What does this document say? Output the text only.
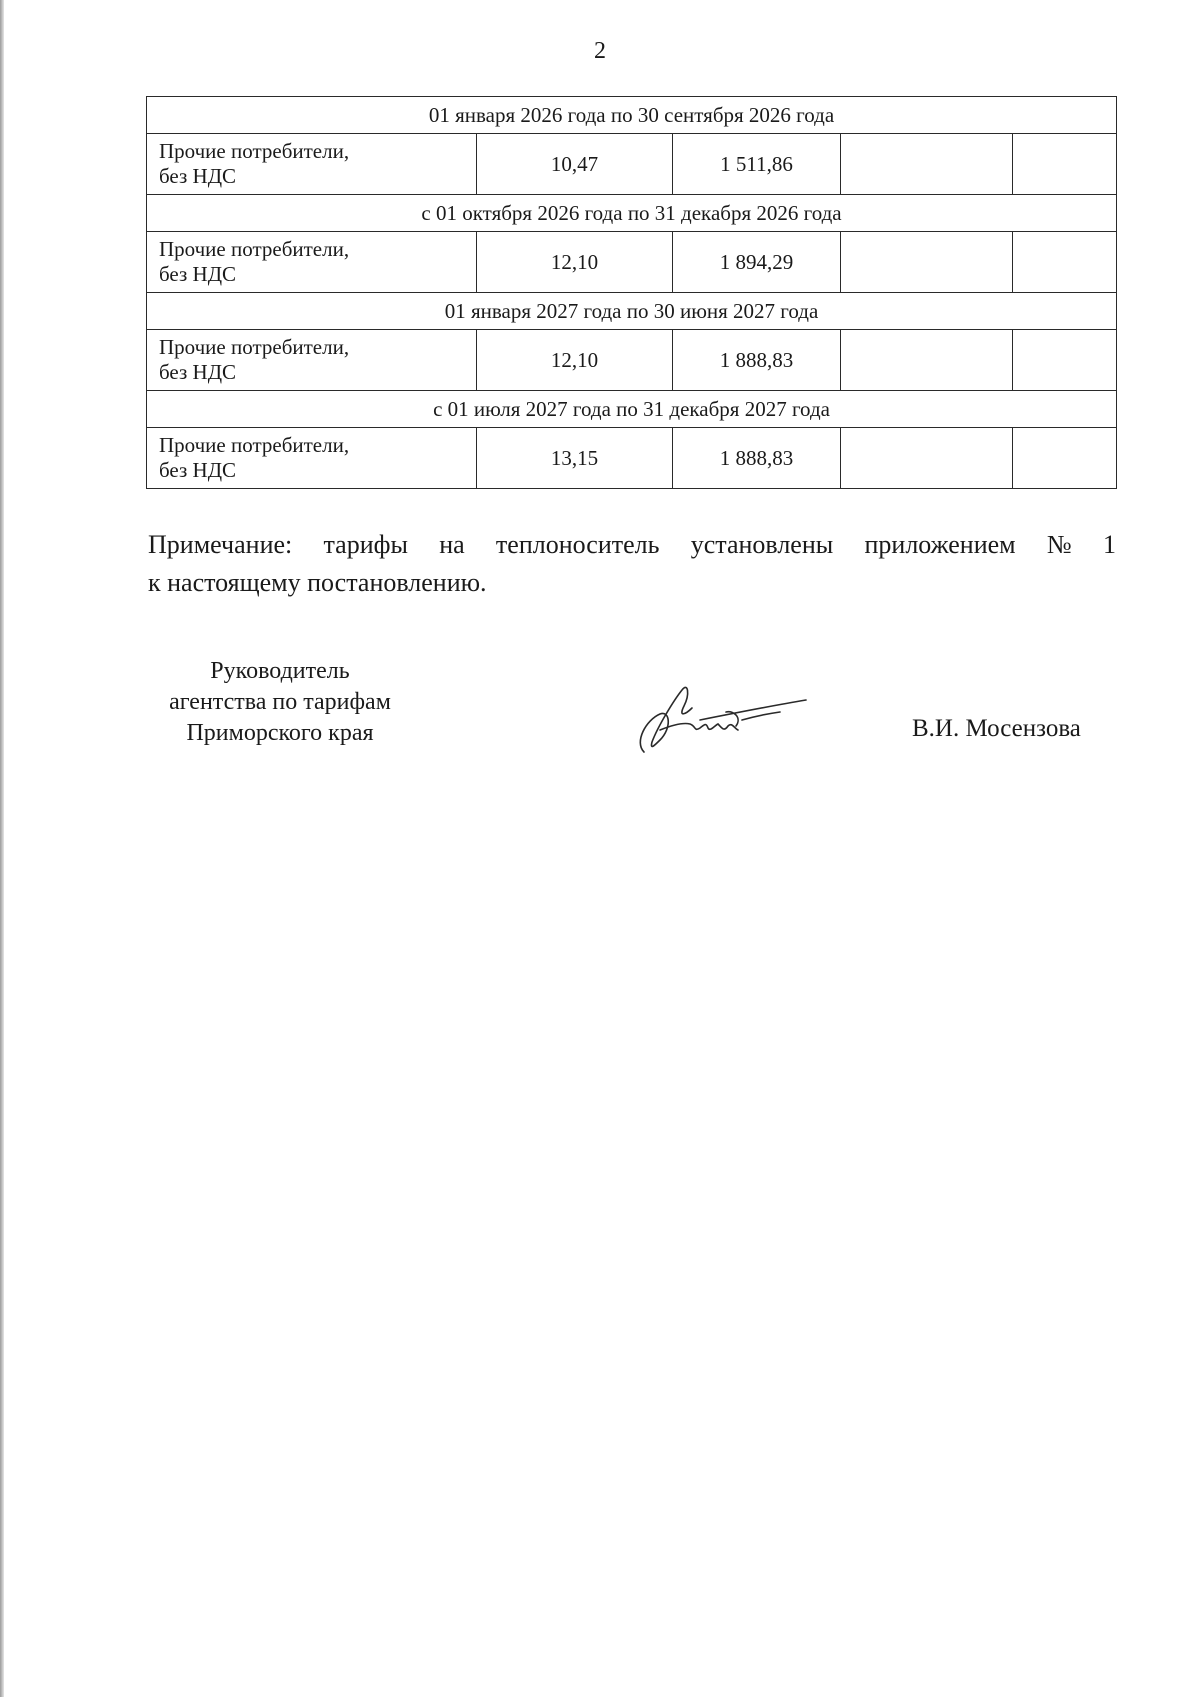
2
01 января 2026 года по 30 сентября 2026 года				

Прочие потребители,
без НДС	10,47	1 511,86		
с 01 октября 2026 года по 31 декабря 2026 года				

Прочие потребители,
без НДС	12,10	1 894,29		
01 января 2027 года по 30 июня 2027 года				

Прочие потребители,
без НДС	12,10	1 888,83		
с 01 июля 2027 года по 31 декабря 2027 года				

Прочие потребители,
без НДС	13,15	1 888,83		
Примечание: тарифы на теплоноситель установлены приложением № 1
к настоящему постановлению.
Руководитель
агентства по тарифам
Приморского края	В.И. Мосензова
